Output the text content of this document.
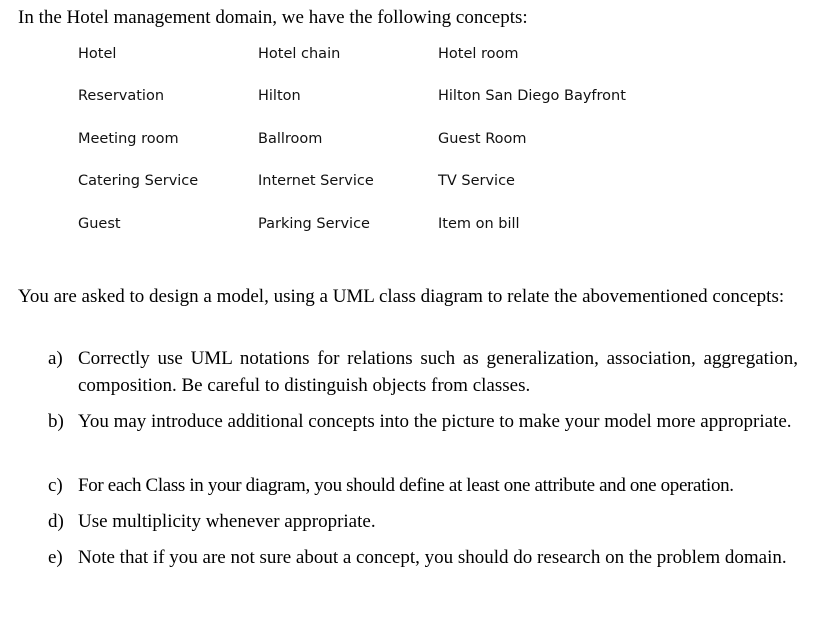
In the Hotel management domain, we have the following concepts:
Hotel	Hotel chain	Hotel room
Reservation	Hilton	Hilton San Diego Bayfront
Meeting room	Ballroom	Guest Room
Catering Service	Internet Service	TV Service
Guest	Parking Service	Item on bill
You are asked to design a model, using a UML class diagram to relate the abovementioned concepts:
a) Correctly use UML notations for relations such as generalization, association, aggregation, composition. Be careful to distinguish objects from classes.
b) You may introduce additional concepts into the picture to make your model more appropriate.
c) For each Class in your diagram, you should define at least one attribute and one operation.
d) Use multiplicity whenever appropriate.
e) Note that if you are not sure about a concept, you should do research on the problem domain.
